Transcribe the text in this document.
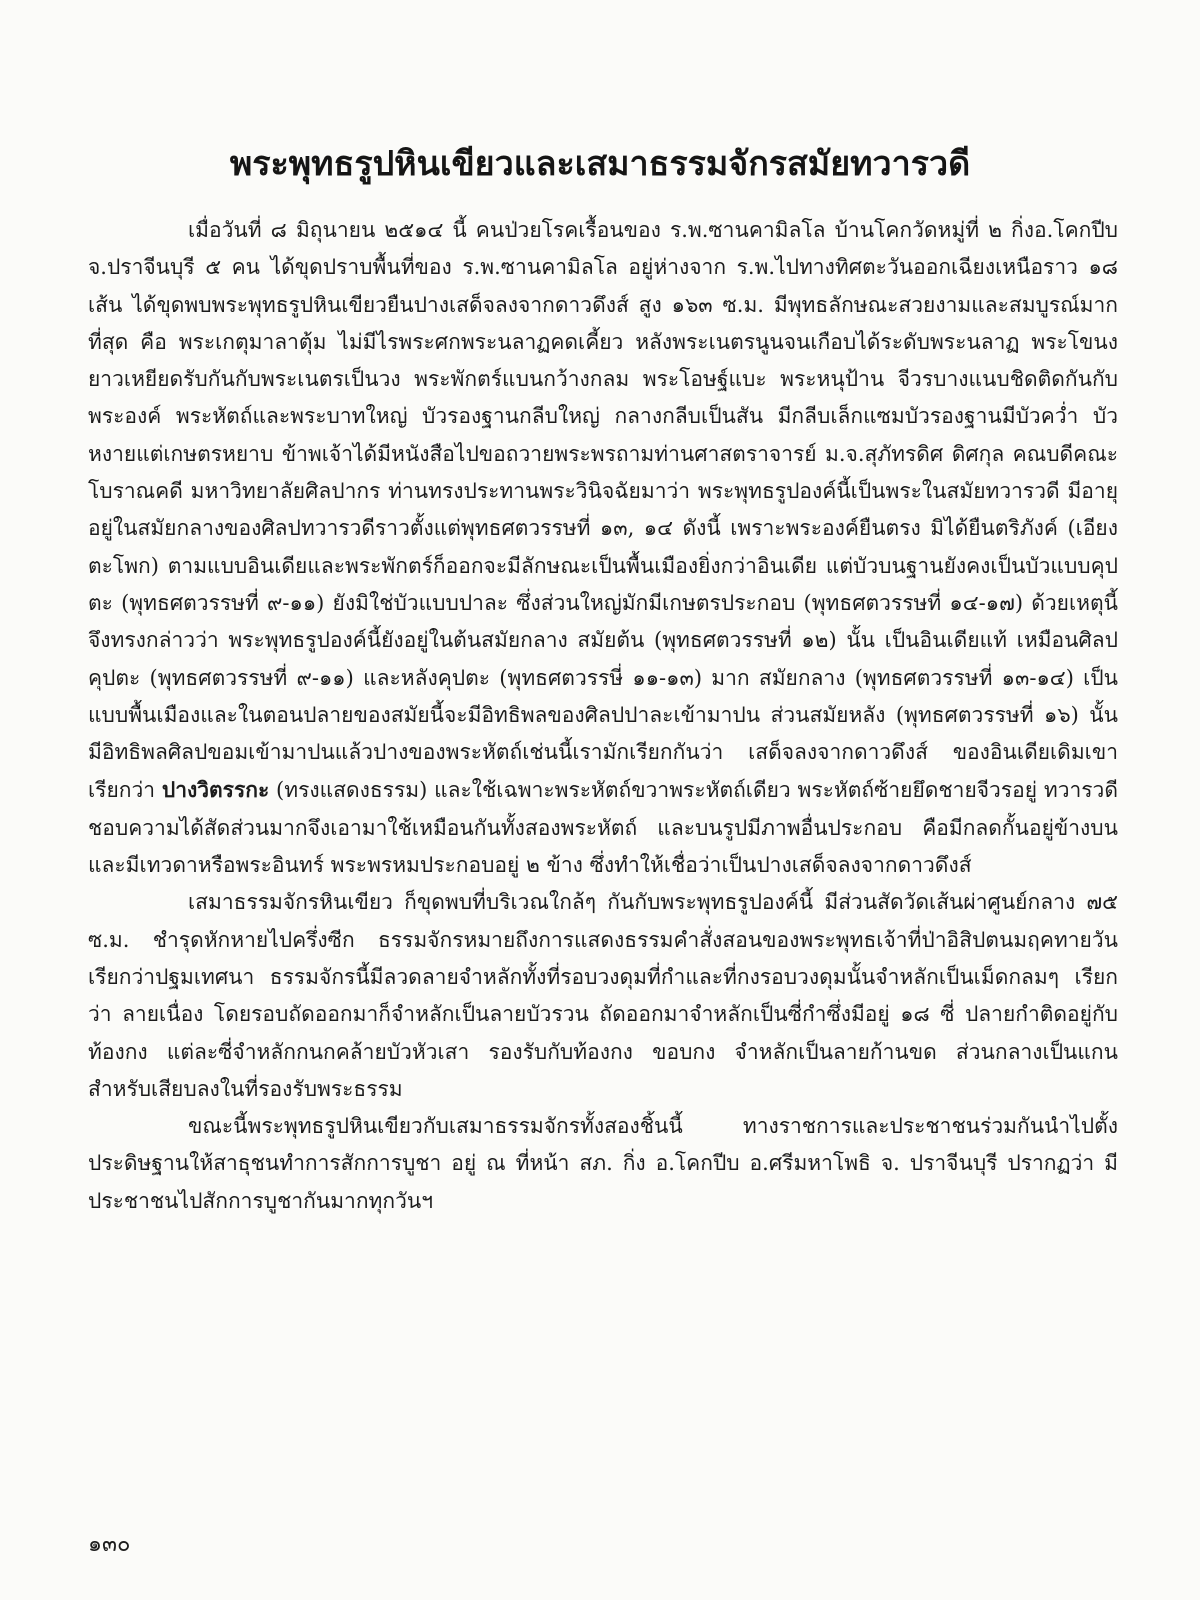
พระพุทธรูปหินเขียวและเสมาธรรมจักรสมัยทวารวดี

เมื่อวันที่ ๘ มิถุนายน ๒๕๑๔ นี้ คนป่วยโรคเรื้อนของ ร.พ.ซานคามิลโล บ้านโคกวัดหมู่ที่ ๒ กิ่งอ.โคกปีบ จ.ปราจีนบุรี ๕ คน ได้ขุดปราบพื้นที่ของ ร.พ.ซานคามิลโล อยู่ห่างจาก ร.พ.ไปทางทิศตะวันออกเฉียงเหนือราว ๑๘ เส้น ได้ขุดพบพระพุทธรูปหินเขียวยืนปางเสด็จลงจากดาวดึงส์ สูง ๑๖๓ ซ.ม. มีพุทธลักษณะสวยงามและสมบูรณ์มากที่สุด คือ พระเกตุมาลาตุ้ม ไม่มีไรพระศกพระนลาฏคดเคี้ยว หลังพระเนตรนูนจนเกือบได้ระดับพระนลาฏ พระโขนงยาวเหยียดรับกันกับพระเนตรเป็นวง พระพักตร์แบนกว้างกลม พระโอษฐ์แบะ พระหนุป้าน จีวรบางแนบชิดติดกันกับพระองค์ พระหัตถ์และพระบาทใหญ่ บัวรองฐานกลีบใหญ่ กลางกลีบเป็นสัน มีกลีบเล็กแซมบัวรองฐานมีบัวคว่ำ บัวหงายแต่เกษตรหยาบ ข้าพเจ้าได้มีหนังสือไปขอถวายพระพรถามท่านศาสตราจารย์ ม.จ.สุภัทรดิศ ดิศกุล คณบดีคณะโบราณคดี มหาวิทยาลัยศิลปากร ท่านทรงประทานพระวินิจฉัยมาว่า พระพุทธรูปองค์นี้เป็นพระในสมัยทวารวดี มีอายุอยู่ในสมัยกลางของศิลปทวารวดีราวตั้งแต่พุทธศตวรรษที่ ๑๓, ๑๔ ดังนี้ เพราะพระองค์ยืนตรง มิได้ยืนตริภังค์ (เอียงตะโพก) ตามแบบอินเดียและพระพักตร์ก็ออกจะมีลักษณะเป็นพื้นเมืองยิ่งกว่าอินเดีย แต่บัวบนฐานยังคงเป็นบัวแบบคุปตะ (พุทธศตวรรษที่ ๙-๑๑) ยังมิใช่บัวแบบปาละ ซึ่งส่วนใหญ่มักมีเกษตรประกอบ (พุทธศตวรรษที่ ๑๔-๑๗) ด้วยเหตุนี้จึงทรงกล่าวว่า พระพุทธรูปองค์นี้ยังอยู่ในต้นสมัยกลาง สมัยต้น (พุทธศตวรรษที่ ๑๒) นั้น เป็นอินเดียแท้ เหมือนศิลปคุปตะ (พุทธศตวรรษที่ ๙-๑๑) และหลังคุปตะ (พุทธศตวรรษี่ ๑๑-๑๓) มาก สมัยกลาง (พุทธศตวรรษที่ ๑๓-๑๔) เป็นแบบพื้นเมืองและในตอนปลายของสมัยนี้จะมีอิทธิพลของศิลปปาละเข้ามาปน ส่วนสมัยหลัง (พุทธศตวรรษที่ ๑๖) นั้น มีอิทธิพลศิลปขอมเข้ามาปนแล้วปางของพระหัตถ์เช่นนี้เรามักเรียกกันว่า เสด็จลงจากดาวดึงส์ ของอินเดียเดิมเขาเรียกว่า ปางวิตรรกะ (ทรงแสดงธรรม) และใช้เฉพาะพระหัตถ์ขวาพระหัตถ์เดียว พระหัตถ์ซ้ายยึดชายจีวรอยู่ ทวารวดีชอบความได้สัดส่วนมากจึงเอามาใช้เหมือนกันทั้งสองพระหัตถ์ และบนรูปมีภาพอื่นประกอบ คือมีกลดกั้นอยู่ข้างบน และมีเทวดาหรือพระอินทร์ พระพรหมประกอบอยู่ ๒ ข้าง ซึ่งทำให้เชื่อว่าเป็นปางเสด็จลงจากดาวดึงส์

เสมาธรรมจักรหินเขียว ก็ขุดพบที่บริเวณใกล้ๆ กันกับพระพุทธรูปองค์นี้ มีส่วนสัดวัดเส้นผ่าศูนย์กลาง ๗๕ ซ.ม. ชำรุดหักหายไปครึ่งซีก ธรรมจักรหมายถึงการแสดงธรรมคำสั่งสอนของพระพุทธเจ้าที่ป่าอิสิปตนมฤคทายวัน เรียกว่าปฐมเทศนา ธรรมจักรนี้มีลวดลายจำหลักทั้งที่รอบวงดุมที่กำและที่กงรอบวงดุมนั้นจำหลักเป็นเม็ดกลมๆ เรียกว่า ลายเนื่อง โดยรอบถัดออกมาก็จำหลักเป็นลายบัวรวน ถัดออกมาจำหลักเป็นซี่กำซึ่งมีอยู่ ๑๘ ซี่ ปลายกำติดอยู่กับท้องกง แต่ละซี่จำหลักกนกคล้ายบัวหัวเสา รองรับกับท้องกง ขอบกง จำหลักเป็นลายก้านขด ส่วนกลางเป็นแกนสำหรับเสียบลงในที่รองรับพระธรรม

ขณะนี้พระพุทธรูปหินเขียวกับเสมาธรรมจักรทั้งสองชิ้นนี้ ทางราชการและประชาชนร่วมกันนำไปตั้งประดิษฐานให้สาธุชนทำการสักการบูชา อยู่ ณ ที่หน้า สภ. กิ่ง อ.โคกปีบ อ.ศรีมหาโพธิ จ. ปราจีนบุรี ปรากฏว่า มีประชาชนไปสักการบูชากันมากทุกวันฯ

๑๓๐
